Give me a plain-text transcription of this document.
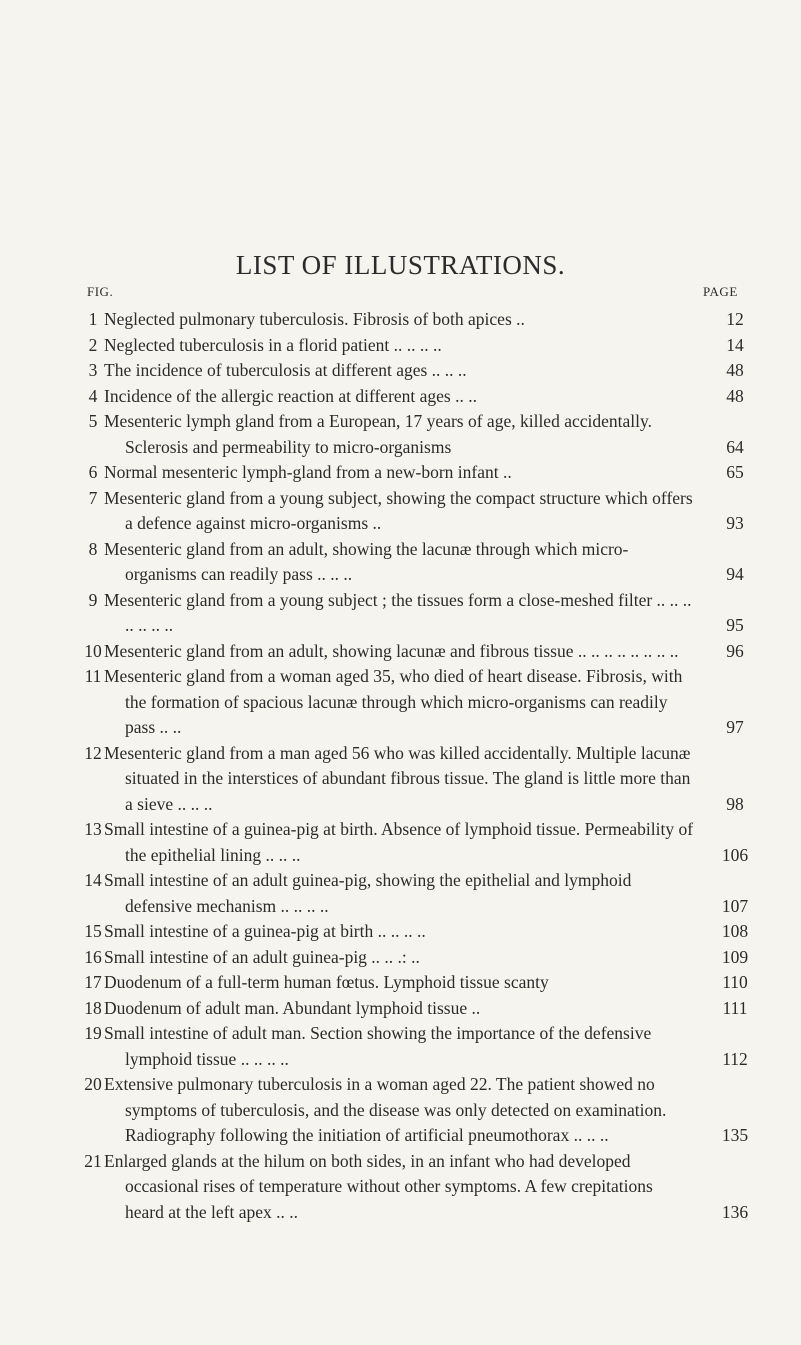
LIST OF ILLUSTRATIONS.
FIG.	PAGE
1 Neglected pulmonary tuberculosis. Fibrosis of both apices ..	12
2 Neglected tuberculosis in a florid patient .. .. .. ..	14
3 The incidence of tuberculosis at different ages .. .. ..	48
4 Incidence of the allergic reaction at different ages .. ..	48
5 Mesenteric lymph gland from a European, 17 years of age, killed accidentally. Sclerosis and permeability to micro-organisms	64
6 Normal mesenteric lymph-gland from a new-born infant ..	65
7 Mesenteric gland from a young subject, showing the compact structure which offers a defence against micro-organisms ..	93
8 Mesenteric gland from an adult, showing the lacunæ through which micro-organisms can readily pass .. .. ..	94
9 Mesenteric gland from a young subject ; the tissues form a close-meshed filter .. .. .. .. .. .. ..	95
10 Mesenteric gland from an adult, showing lacunæ and fibrous tissue .. .. .. .. .. .. .. ..	96
11 Mesenteric gland from a woman aged 35, who died of heart disease. Fibrosis, with the formation of spacious lacunæ through which micro-organisms can readily pass .. ..	97
12 Mesenteric gland from a man aged 56 who was killed accidentally. Multiple lacunæ situated in the interstices of abundant fibrous tissue. The gland is little more than a sieve .. .. ..	98
13 Small intestine of a guinea-pig at birth. Absence of lymphoid tissue. Permeability of the epithelial lining .. .. ..	106
14 Small intestine of an adult guinea-pig, showing the epithelial and lymphoid defensive mechanism .. .. .. ..	107
15 Small intestine of a guinea-pig at birth .. .. .. ..	108
16 Small intestine of an adult guinea-pig .. .. .: ..	109
17 Duodenum of a full-term human fœtus. Lymphoid tissue scanty	110
18 Duodenum of adult man. Abundant lymphoid tissue ..	111
19 Small intestine of adult man. Section showing the importance of the defensive lymphoid tissue .. .. .. ..	112
20 Extensive pulmonary tuberculosis in a woman aged 22. The patient showed no symptoms of tuberculosis, and the disease was only detected on examination. Radiography following the initiation of artificial pneumothorax .. .. ..	135
21 Enlarged glands at the hilum on both sides, in an infant who had developed occasional rises of temperature without other symptoms. A few crepitations heard at the left apex .. ..	136
